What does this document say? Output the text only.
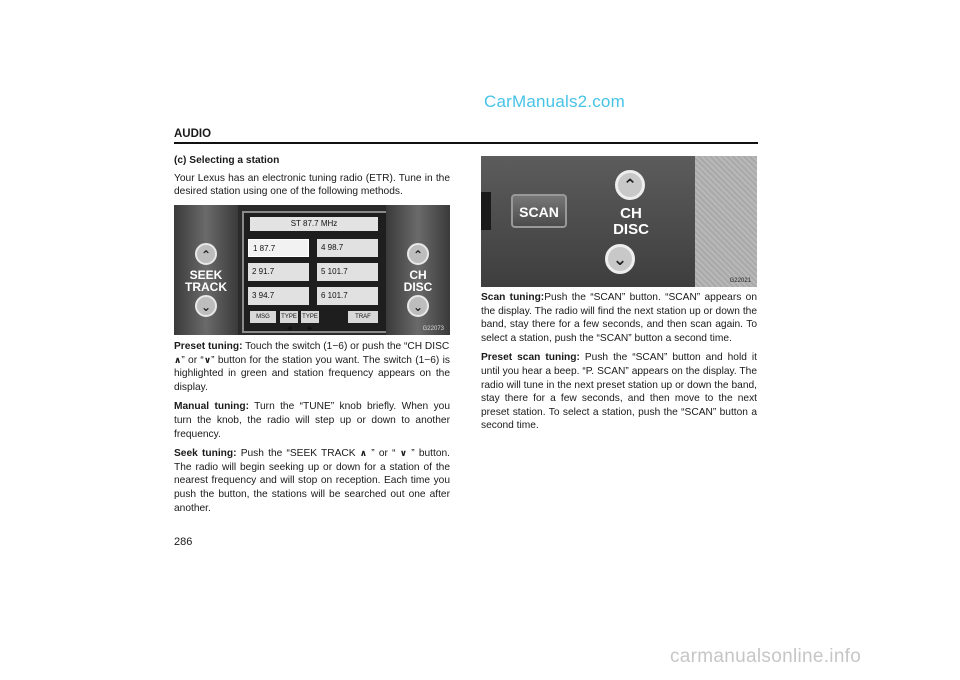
CarManuals2.com
AUDIO

(c) Selecting a station

Your Lexus has an electronic tuning radio (ETR). Tune in the desired station using one of the following methods.

⌃
SEEK
TRACK
⌄
ST 87.7 MHz
1 87.7	4 98.7
2 91.7	5 101.7
3 94.7	6 101.7
MSG	TYPE ◀
TYPE ▶
TRAF
⌃
CH
DISC
⌄
G22073

Preset tuning: Touch the switch (1−6) or push the “CH DISC
∧” or “∨” button for the station you want. The switch (1−6) is highlighted in green and station frequency appears on the display.

Manual tuning: Turn the “TUNE” knob briefly. When you turn the knob, the radio will step up or down to another frequency.

Seek tuning: Push the “SEEK TRACK ∧ ” or “ ∨ ” button. The radio will begin seeking up or down for a station of the nearest frequency and will stop on reception. Each time you push the button, the stations will be searched out one after another.

SCAN
⌃
CH
DISC
⌄
G22021

Scan tuning:Push the “SCAN” button. “SCAN” appears on the display. The radio will find the next station up or down the band, stay there for a few seconds, and then scan again. To select a station, push the “SCAN” button a second time.

Preset scan tuning: Push the “SCAN” button and hold it until you hear a beep. “P. SCAN” appears on the display. The radio will tune in the next preset station up or down the band, stay there for a few seconds, and then move to the next preset station. To select a station, push the “SCAN” button a second time.

286
carmanualsonline.info
